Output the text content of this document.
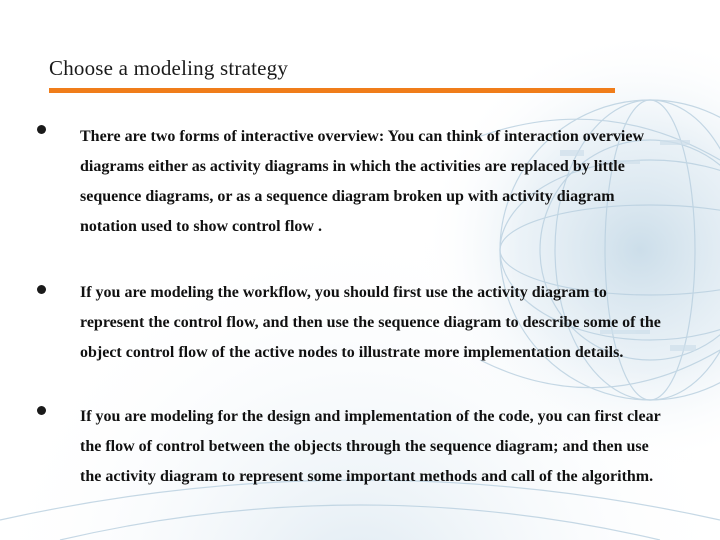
Choose a modeling strategy
There are two forms of interactive overview: You can think of interaction overview diagrams either as activity diagrams in which the activities are replaced by little sequence diagrams, or as a sequence diagram broken up with activity diagram notation used to show control flow .
If you are modeling the workflow, you should first use the activity diagram to represent the control flow, and then use the sequence diagram to describe some of the object control flow of the active nodes to illustrate more implementation details.
If you are modeling for the design and implementation of the code, you can first clear the flow of control between the objects through the sequence diagram; and then use the activity diagram to represent some important methods and call of the algorithm.
